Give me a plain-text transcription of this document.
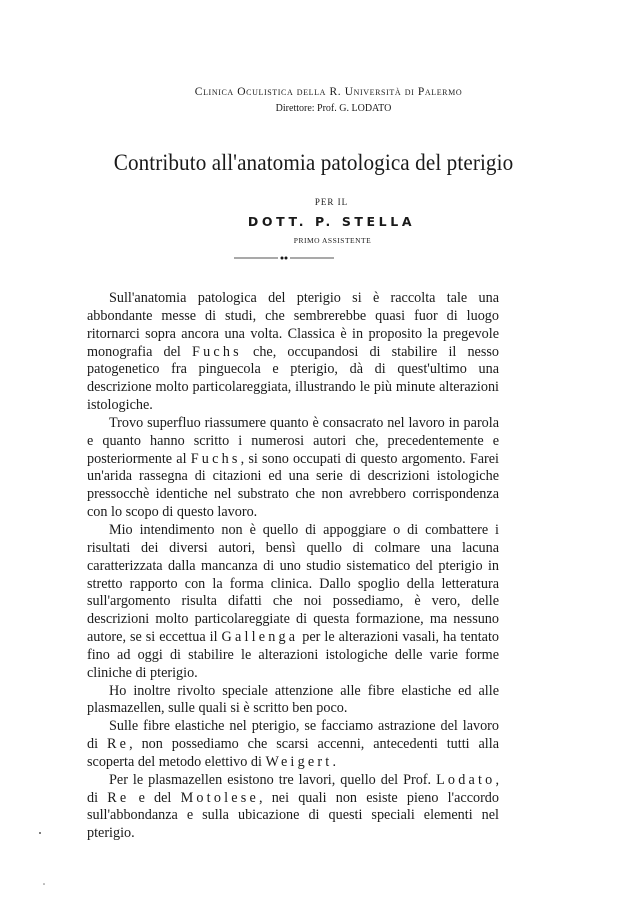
Clinica Oculistica della R. Università di Palermo
Direttore: Prof. G. LODATO
Contributo all'anatomia patologica del pterigio
PER IL
DOTT. P. STELLA
PRIMO ASSISTENTE

Sull'anatomia patologica del pterigio si è raccolta tale una abbondante messe di studi, che sembrerebbe quasi fuor di luogo ritornarci sopra ancora una volta. Classica è in proposito la pregevole monografia del Fuchs che, occupandosi di stabilire il nesso patogenetico fra pinguecola e pterigio, dà di quest'ultimo una descrizione molto particolareggiata, illustrando le più minute alterazioni istologiche.

Trovo superfluo riassumere quanto è consacrato nel lavoro in parola e quanto hanno scritto i numerosi autori che, precedentemente e posteriormente al Fuchs, si sono occupati di questo argomento. Farei un'arida rassegna di citazioni ed una serie di descrizioni istologiche pressocchè identiche nel substrato che non avrebbero corrispondenza con lo scopo di questo lavoro.

Mio intendimento non è quello di appoggiare o di combattere i risultati dei diversi autori, bensì quello di colmare una lacuna caratterizzata dalla mancanza di uno studio sistematico del pterigio in stretto rapporto con la forma clinica. Dallo spoglio della letteratura sull'argomento risulta difatti che noi possediamo, è vero, delle descrizioni molto particolareggiate di questa formazione, ma nessuno autore, se si eccettua il Gallenga per le alterazioni vasali, ha tentato fino ad oggi di stabilire le alterazioni istologiche delle varie forme cliniche di pterigio.

Ho inoltre rivolto speciale attenzione alle fibre elastiche ed alle plasmazellen, sulle quali si è scritto ben poco.

Sulle fibre elastiche nel pterigio, se facciamo astrazione del lavoro di Re, non possediamo che scarsi accenni, antecedenti tutti alla scoperta del metodo elettivo di Weigert.

Per le plasmazellen esistono tre lavori, quello del Prof. Lodato, di Re e del Motolese, nei quali non esiste pieno l'accordo sull'abbondanza e sulla ubicazione di questi speciali elementi nel pterigio.
